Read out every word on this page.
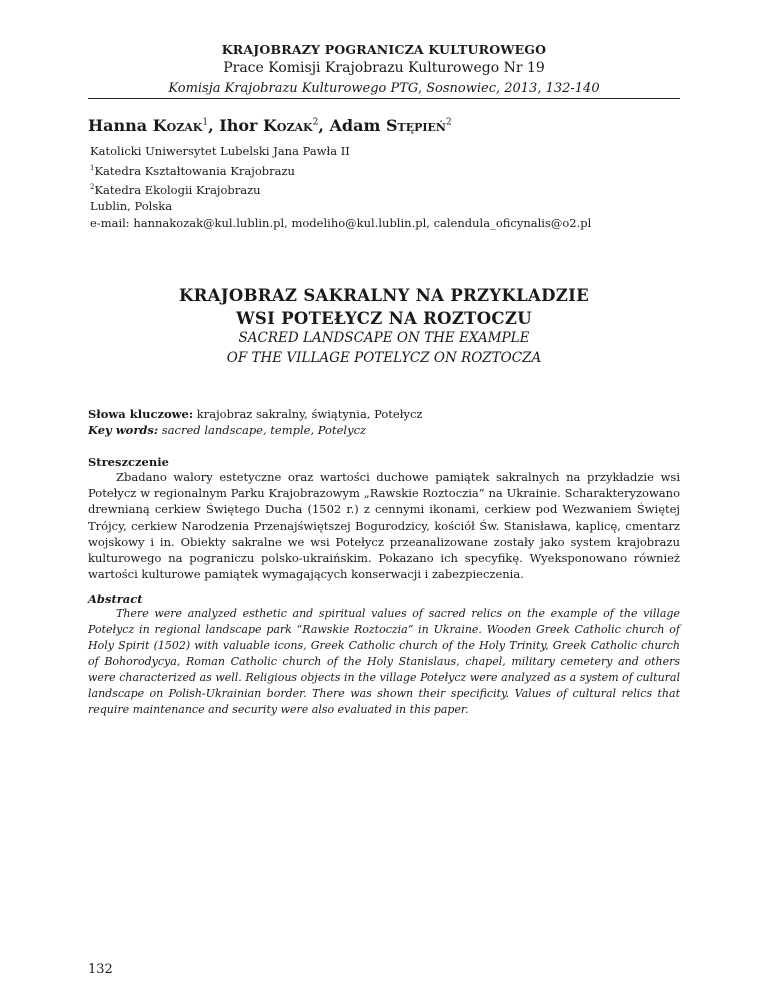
KRAJOBRAZY POGRANICZA KULTUROWEGO
Prace Komisji Krajobrazu Kulturowego Nr 19
Komisja Krajobrazu Kulturowego PTG, Sosnowiec, 2013, 132-140
Hanna Kozak$^1$, Ihor Kozak$^2$, Adam Stępień$^2$
Katolicki Uniwersytet Lubelski Jana Pawła II
$^1$Katedra Kształtowania Krajobrazu
$^2$Katedra Ekologii Krajobrazu
Lublin, Polska
e-mail: hannakozak@kul.lublin.pl, modeliho@kul.lublin.pl, calendula_oficynalis@o2.pl
KRAJOBRAZ SAKRALNY NA PRZYKLADZIE
WSI POTEŁYCZ NA ROZTOCZU
SACRED LANDSCAPE ON THE EXAMPLE
OF THE VILLAGE POTELYCZ ON ROZTOCZA
Słowa kluczowe: krajobraz sakralny, świątynia, Potełycz
Key words: sacred landscape, temple, Potelycz
Streszczenie

Zbadano walory estetyczne oraz wartości duchowe pamiątek sakralnych na przykładzie wsi Potełycz w regionalnym Parku Krajobrazowym „Rawskie Roztoczia” na Ukrainie. Scharakteryzowano drewnianą cerkiew Świętego Ducha (1502 r.) z cennymi ikonami, cerkiew pod Wezwaniem Świętej Trójcy, cerkiew Narodzenia Przenajświętszej Bogurodzicy, kościół Św. Stanisława, kaplicę, cmentarz wojskowy i in. Obiekty sakralne we wsi Potełycz przeanalizowane zostały jako system krajobrazu kulturowego na pograniczu polsko-ukraińskim. Pokazano ich specyfikę. Wyeksponowano również wartości kulturowe pamiątek wymagających konserwacji i zabezpieczenia.

Abstract

There were analyzed esthetic and spiritual values of sacred relics on the example of the village Potełycz in regional landscape park “Rawskie Roztoczia” in Ukraine. Wooden Greek Catholic church of Holy Spirit (1502) with valuable icons, Greek Catholic church of the Holy Trinity, Greek Catholic church of Bohorodycya, Roman Catholic church of the Holy Stanislaus, chapel, military cemetery and others were characterized as well. Religious objects in the village Potełycz were analyzed as a system of cultural landscape on Polish-Ukrainian border. There was shown their specificity. Values of cultural relics that require maintenance and security were also evaluated in this paper.

132
